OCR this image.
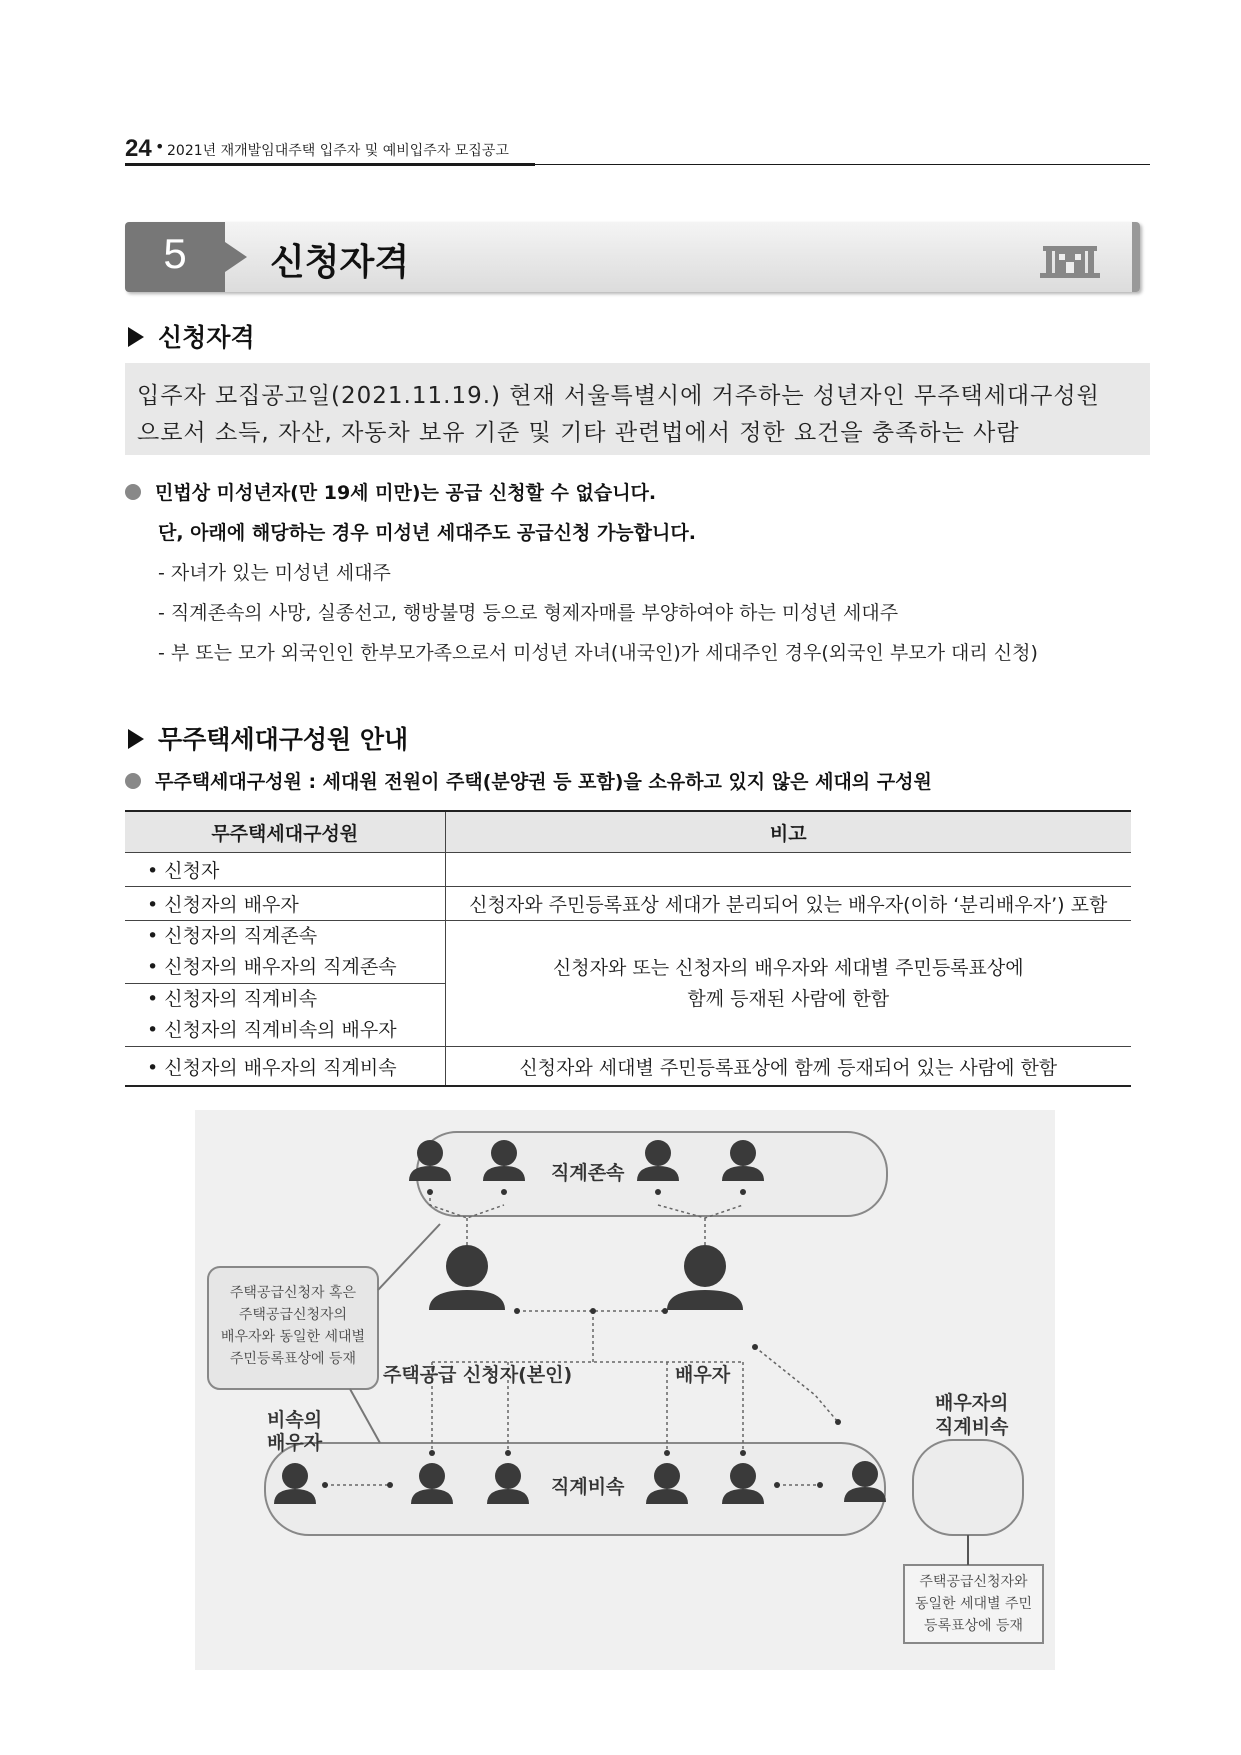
24 • 2021년 재개발임대주택 입주자 및 예비입주자 모집공고
5	신청자격
신청자격
입주자 모집공고일(2021.11.19.) 현재 서울특별시에 거주하는 성년자인 무주택세대구성원
으로서 소득, 자산, 자동차 보유 기준 및 기타 관련법에서 정한 요건을 충족하는 사람
민법상 미성년자(만 19세 미만)는 공급 신청할 수 없습니다.
단, 아래에 해당하는 경우 미성년 세대주도 공급신청 가능합니다.
- 자녀가 있는 미성년 세대주
- 직계존속의 사망, 실종선고, 행방불명 등으로 형제자매를 부양하여야 하는 미성년 세대주
- 부 또는 모가 외국인인 한부모가족으로서 미성년 자녀(내국인)가 세대주인 경우(외국인 부모가 대리 신청)
무주택세대구성원 안내
무주택세대구성원 : 세대원 전원이 주택(분양권 등 포함)을 소유하고 있지 않은 세대의 구성원
무주택세대구성원	비고
• 신청자	
• 신청자의 배우자	신청자와 주민등록표상 세대가 분리되어 있는 배우자(이하 ‘분리배우자’) 포함

• 신청자의 직계존속
• 신청자의 배우자의 직계존속	신청자와 또는 신청자의 배우자와 세대별 주민등록표상에
함께 등재된 사람에 한함

• 신청자의 직계비속
• 신청자의 직계비속의 배우자	

• 신청자의 배우자의 직계비속	신청자와 세대별 주민등록표상에 함께 등재되어 있는 사람에 한함
직계존속
주택공급 신청자(본인)	배우자
직계비속
비속의
배우자
배우자의
직계비속
주택공급신청자 혹은
주택공급신청자의
배우자와 동일한 세대별
주민등록표상에 등재
주택공급신청자와
동일한 세대별 주민
등록표상에 등재
